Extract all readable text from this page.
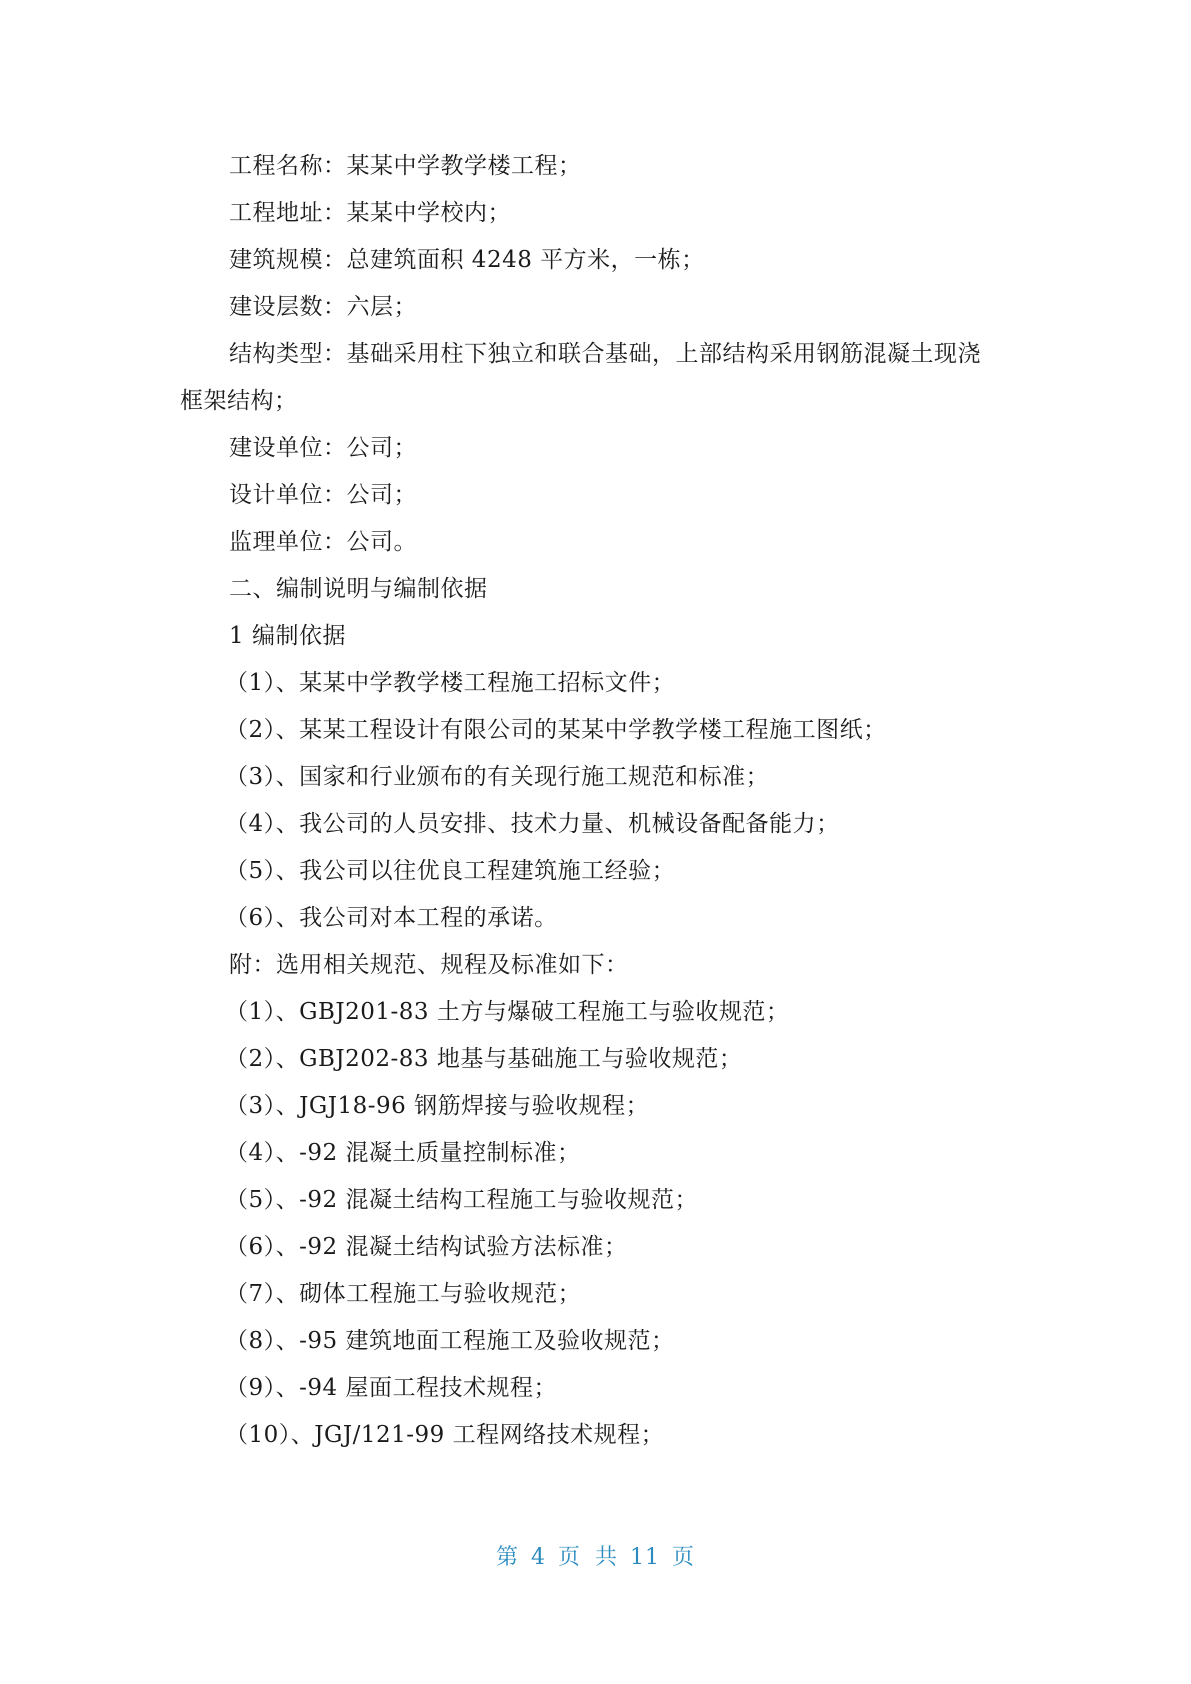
工程名称：某某中学教学楼工程；
工程地址：某某中学校内；
建筑规模：总建筑面积 4248 平方米，一栋；
建设层数：六层；
结构类型：基础采用柱下独立和联合基础，上部结构采用钢筋混凝土现浇
框架结构；
建设单位：公司；
设计单位：公司；
监理单位：公司。
二、编制说明与编制依据
1 编制依据
（1）、某某中学教学楼工程施工招标文件；
（2）、某某工程设计有限公司的某某中学教学楼工程施工图纸；
（3）、国家和行业颁布的有关现行施工规范和标准；
（4）、我公司的人员安排、技术力量、机械设备配备能力；
（5）、我公司以往优良工程建筑施工经验；
（6）、我公司对本工程的承诺。
附：选用相关规范、规程及标准如下：
（1）、GBJ201-83 土方与爆破工程施工与验收规范；
（2）、GBJ202-83 地基与基础施工与验收规范；
（3）、JGJ18-96 钢筋焊接与验收规程；
（4）、-92 混凝土质量控制标准；
（5）、-92 混凝土结构工程施工与验收规范；
（6）、-92 混凝土结构试验方法标准；
（7）、砌体工程施工与验收规范；
（8）、-95 建筑地面工程施工及验收规范；
（9）、-94 屋面工程技术规程；
（10）、JGJ/121-99 工程网络技术规程；
第 4 页 共 11 页
